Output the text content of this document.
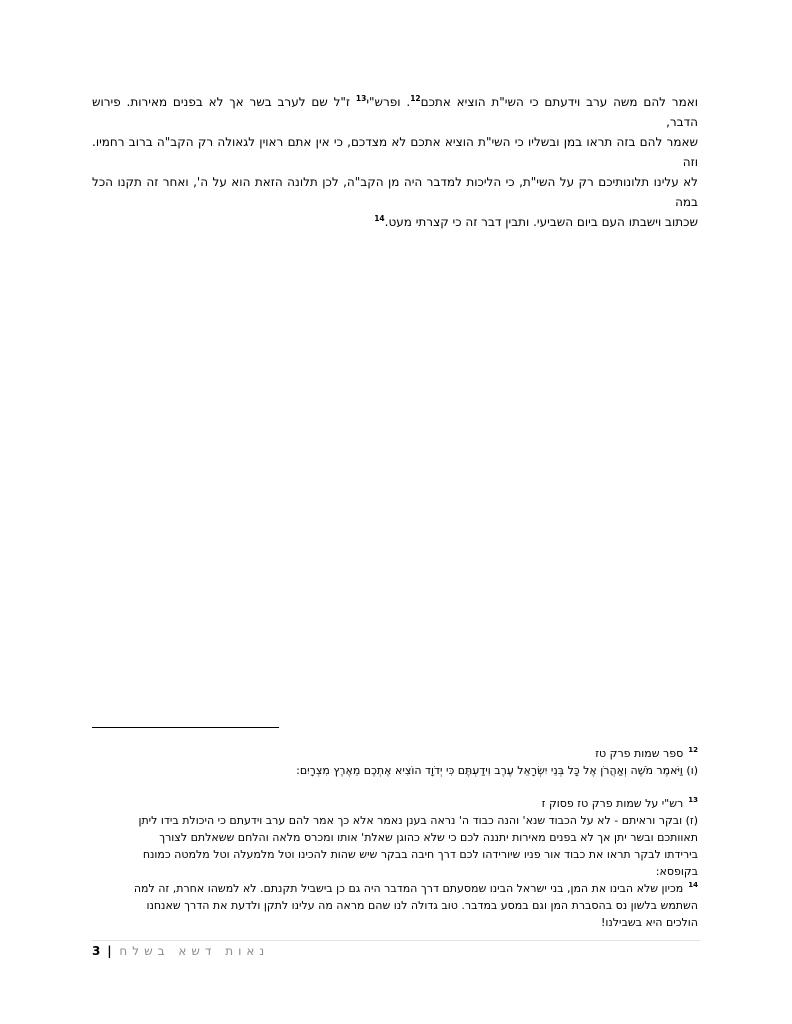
ואמר להם משה ערב וידעתם כי השי"ת הוציא אתכם$^{12}$. ופרש"י$^{13}$ ז"ל שם לערב בשר אך לא בפנים מאירות. פירוש הדבר,

שאמר להם בזה תראו במן ובשליו כי השי"ת הוציא אתכם לא מצדכם, כי אין אתם ראוין לגאולה רק הקב"ה ברוב רחמיו. וזה

לא עלינו תלונותיכם רק על השי"ת, כי הליכות למדבר היה מן הקב"ה, לכן תלונה הזאת הוא על ה', ואחר זה תקנו הכל במה

שכתוב וישבתו העם ביום השביעי. ותבין דבר זה כי קצרתי מעט.$^{14}$

$^{12}$ספר שמות פרק טז

(ו) וַיֹּאמֶר מֹשֶׁה וְאַהֲרֹן אֶל כָּל בְּנֵי יִשְׂרָאֵל עֶרֶב וִידַעְתֶּם כִּי יְדֹוָד הוֹצִיא אֶתְכֶם מֵאֶרֶץ מִצְרָיִם:

$^{13}$רש"י על שמות פרק טז פסוק ז

(ז) ובקר וראיתם - לא על הכבוד שנא' והנה כבוד ה' נראה בענן נאמר אלא כך אמר להם ערב וידעתם כי היכולת בידו ליתן

תאוותכם ובשר יתן אך לא בפנים מאירות יתננה לכם כי שלא כהוגן שאלת' אותו ומכרס מלאה והלחם ששאלתם לצורך

בירידתו לבקר תראו את כבוד אור פניו שיורידהו לכם דרך חיבה בבקר שיש שהות להכינו וטל מלמעלה וטל מלמטה כמונח

בקופסא:

$^{14}$מכיון שלא הבינו את המן, בני ישראל הבינו שמסעתם דרך המדבר היה גם כן בישביל תקנתם. לא למשהו אחרת, זה למה

השתמש בלשון נס בהסברת המן וגם במסע במדבר. טוב גדולה לנו שהם מראה מה עלינו לתקן ולדעת את הדרך שאנחנו

הולכים היא בשבילנו!

3 | נאות דשא בשלח
